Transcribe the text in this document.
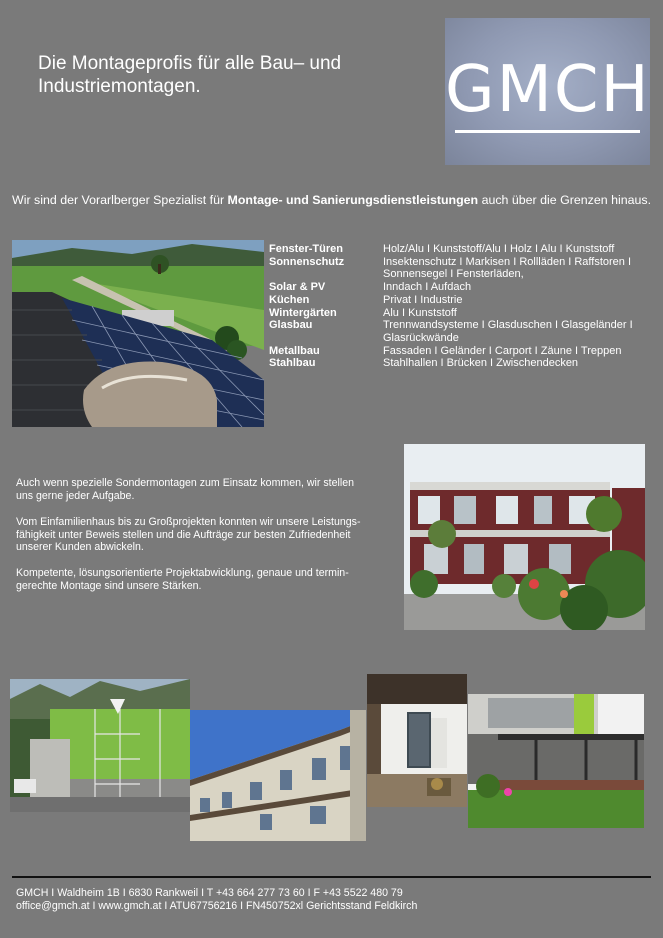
Die Montageprofis für alle Bau– und
Industriemontagen.	GMCH
Wir sind der Vorarlberger Spezialist für Montage- und Sanierungsdienstleistungen auch über die Grenzen hinaus.
Fenster-Türen	Holz/Alu I Kunststoff/Alu I Holz I Alu I Kunststoff
Sonnenschutz	Insektenschutz I Markisen I Rollläden I Raffstoren I
Sonnensegel I Fensterläden,
Solar & PV	Inndach I Aufdach
Küchen	Privat I Industrie
Wintergärten	Alu I Kunststoff
Glasbau	Trennwandsysteme I Glasduschen I Glasgeländer I
Glasrückwände
Metallbau	Fassaden I Geländer I Carport I Zäune I Treppen
Stahlbau	Stahlhallen I Brücken I Zwischendecken
Auch wenn spezielle Sondermontagen zum Einsatz kommen, wir stellen
uns gerne jeder Aufgabe.
Vom Einfamilienhaus bis zu Großprojekten konnten wir unsere Leistungs-
fähigkeit unter Beweis stellen und die Aufträge zur besten Zufriedenheit
unserer Kunden abwickeln.
Kompetente, lösungsorientierte Projektabwicklung, genaue und termin-
gerechte Montage sind unsere Stärken.
GMCH I Waldheim 1B I 6830 Rankweil I T +43 664 277 73 60 I F +43 5522 480 79
office@gmch.at I www.gmch.at I ATU67756216 I FN450752xl Gerichtsstand Feldkirch
